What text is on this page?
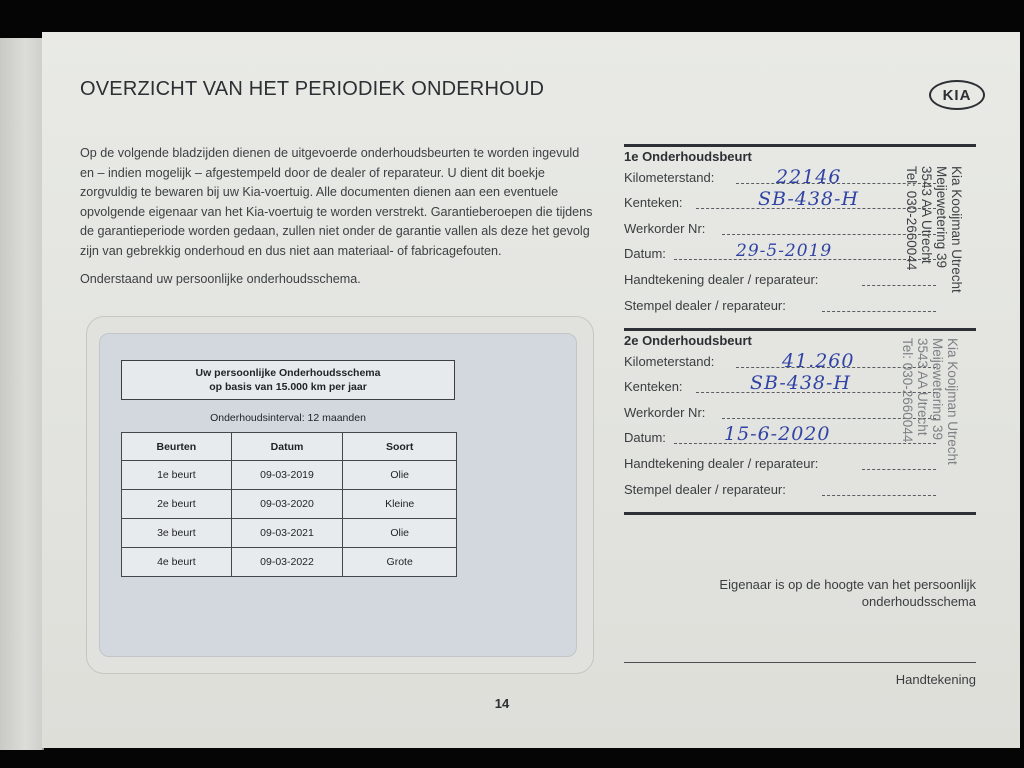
OVERZICHT VAN HET PERIODIEK ONDERHOUD	KIA

Op de volgende bladzijden dienen de uitgevoerde onderhoudsbeurten te worden ingevuld en – indien mogelijk – afgestempeld door de dealer of reparateur. U dient dit boekje zorgvuldig te bewaren bij uw Kia-voertuig. Alle documenten dienen aan een eventuele opvolgende eigenaar van het Kia-voertuig te worden verstrekt. Garantieberoepen die tijdens de garantieperiode worden gedaan, zullen niet onder de garantie vallen als deze het gevolg zijn van gebrekkig onderhoud en dus niet aan materiaal- of fabricagefouten.

Onderstaand uw persoonlijke onderhoudsschema.

Uw persoonlijke Onderhoudsschema
op basis van 15.000 km per jaar
Onderhoudsinterval: 12 maanden
Beurten	Datum	Soort
1e beurt	09-03-2019	Olie
2e beurt	09-03-2020	Kleine
3e beurt	09-03-2021	Olie
4e beurt	09-03-2022	Grote
1e Onderhoudsbeurt
Kilometerstand:	22146
Kenteken:	SB-438-H
Werkorder Nr:
Datum:	29-5-2019
Handtekening dealer / reparateur:
Stempel dealer / reparateur:
Kia Kooijman Utrecht
Meijewetering 39
3543 AA Utrecht
Tel: 030-2660044
2e Onderhoudsbeurt
Kilometerstand:	41.260
Kenteken:	SB-438-H
Werkorder Nr:
Datum:	15-6-2020
Handtekening dealer / reparateur:
Stempel dealer / reparateur:
Kia Kooijman Utrecht
Meijewetering 39
3543 AA Utrecht
Tel: 030-2660044
Eigenaar is op de hoogte van het persoonlijk
onderhoudsschema
Handtekening
14
